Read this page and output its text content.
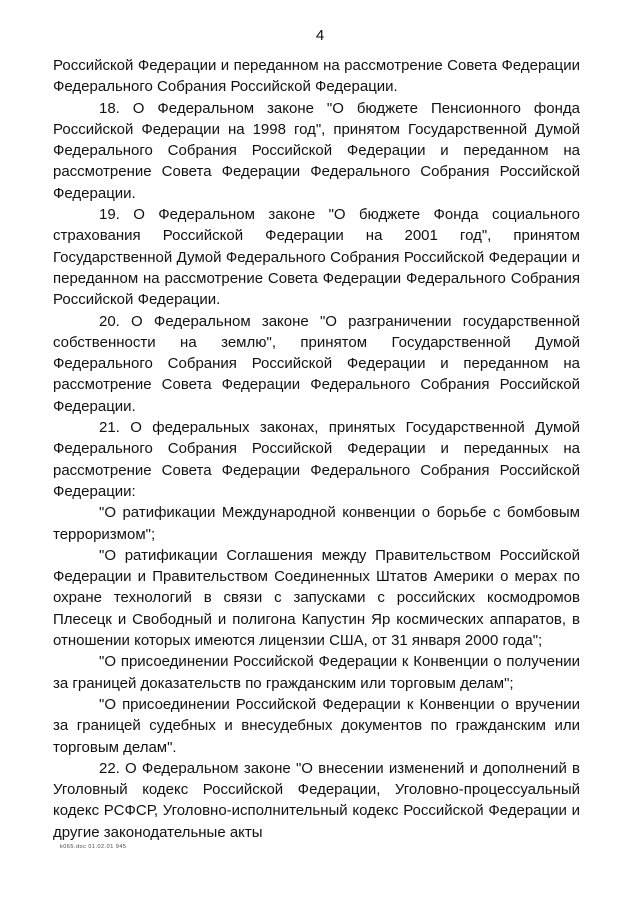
4

Российской Федерации и переданном на рассмотрение Совета Федерации Федерального Собрания Российской Федерации.

18. О Федеральном законе "О бюджете Пенсионного фонда Российской Федерации на 1998 год", принятом Государственной Думой Федерального Собрания Российской Федерации и переданном на рассмотрение Совета Федерации Федерального Собрания Российской Федерации.

19. О Федеральном законе "О бюджете Фонда социального страхования Российской Федерации на 2001 год", принятом Государственной Думой Федерального Собрания Российской Федерации и переданном на рассмотрение Совета Федерации Федерального Собрания Российской Федерации.

20. О Федеральном законе "О разграничении государственной собственности на землю", принятом Государственной Думой Федерального Собрания Российской Федерации и переданном на рассмотрение Совета Федерации Федерального Собрания Российской Федерации.

21. О федеральных законах, принятых Государственной Думой Федерального Собрания Российской Федерации и переданных на рассмотрение Совета Федерации Федерального Собрания Российской Федерации:

"О ратификации Международной конвенции о борьбе с бомбовым терроризмом";

"О ратификации Соглашения между Правительством Российской Федерации и Правительством Соединенных Штатов Америки о мерах по охране технологий в связи с запусками с российских космодромов Плесецк и Свободный и полигона Капустин Яр космических аппаратов, в отношении которых имеются лицензии США, от 31 января 2000 года";

"О присоединении Российской Федерации к Конвенции о получении за границей доказательств по гражданским или торговым делам";

"О присоединении Российской Федерации к Конвенции о вручении за границей судебных и внесудебных документов по гражданским или торговым делам".

22. О Федеральном законе "О внесении изменений и дополнений в Уголовный кодекс Российской Федерации, Уголовно-процессуальный кодекс РСФСР, Уголовно-исполнительный кодекс Российской Федерации и другие законодательные акты

k065.doc 01.02.01 945
